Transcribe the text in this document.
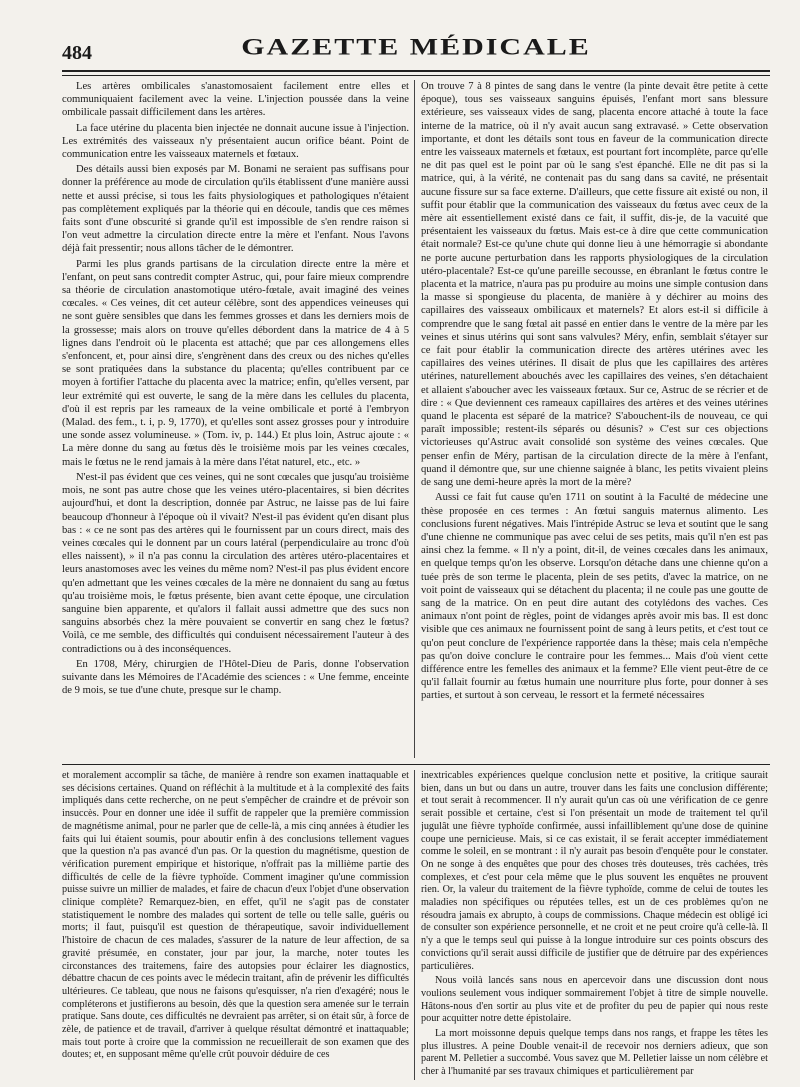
484	GAZETTE MÉDICALE

Les artères ombilicales s'anastomosaient facilement entre elles et communiquaient facilement avec la veine. L'injection poussée dans la veine ombilicale passait difficilement dans les artères.

La face utérine du placenta bien injectée ne donnait aucune issue à l'injection. Les extrémités des vaisseaux n'y présentaient aucun orifice béant. Point de communication entre les vaisseaux maternels et fœtaux.

Des détails aussi bien exposés par M. Bonami ne seraient pas suffisans pour donner la préférence au mode de circulation qu'ils établissent d'une manière aussi nette et aussi précise, si tous les faits physiologiques et pathologiques n'étaient pas complètement expliqués par la théorie qui en découle, tandis que ces mêmes faits sont d'une obscurité si grande qu'il est impossible de s'en rendre raison si l'on veut admettre la circulation directe entre la mère et l'enfant. Nous l'avons déjà fait pressentir; nous allons tâcher de le démontrer.

Parmi les plus grands partisans de la circulation directe entre la mère et l'enfant, on peut sans contredit compter Astruc, qui, pour faire mieux comprendre sa théorie de circulation anastomotique utéro-fœtale, avait imaginé des veines cœcales. « Ces veines, dit cet auteur célèbre, sont des appendices veineuses qui ne sont guère sensibles que dans les femmes grosses et dans les derniers mois de la grossesse; mais alors on trouve qu'elles débordent dans la matrice de 4 à 5 lignes dans l'endroit où le placenta est attaché; que par ces allongemens elles s'enfoncent, et, pour ainsi dire, s'engrènent dans des creux ou des niches qu'elles se sont pratiquées dans la substance du placenta; qu'elles contribuent par ce moyen à fortifier l'attache du placenta avec la matrice; enfin, qu'elles versent, par leur extrémité qui est ouverte, le sang de la mère dans les cellules du placenta, d'où il est repris par les rameaux de la veine ombilicale et porté à l'embryon (Malad. des fem., t. i, p. 9, 1770), et qu'elles sont assez grosses pour y introduire une sonde assez volumineuse. » (Tom. iv, p. 144.) Et plus loin, Astruc ajoute : « La mère donne du sang au fœtus dès le troisième mois par les veines cœcales, mais le fœtus ne le rend jamais à la mère dans l'état naturel, etc., etc. »

N'est-il pas évident que ces veines, qui ne sont cœcales que jusqu'au troisième mois, ne sont pas autre chose que les veines utéro-placentaires, si bien décrites aujourd'hui, et dont la description, donnée par Astruc, ne laisse pas de lui faire beaucoup d'honneur à l'époque où il vivait? N'est-il pas évident qu'en disant plus bas : « ce ne sont pas des artères qui le fournissent par un cours direct, mais des veines cœcales qui le donnent par un cours latéral (perpendiculaire au tronc d'où elles naissent), » il n'a pas connu la circulation des artères utéro-placentaires et leurs anastomoses avec les veines du même nom? N'est-il pas plus évident encore qu'en admettant que les veines cœcales de la mère ne donnaient du sang au fœtus qu'au troisième mois, le fœtus présente, bien avant cette époque, une circulation sanguine bien apparente, et qu'alors il fallait aussi admettre que des sucs non sanguins absorbés chez la mère pouvaient se convertir en sang chez le fœtus? Voilà, ce me semble, des difficultés qui conduisent nécessairement l'auteur à des contradictions ou à des inconséquences.

En 1708, Méry, chirurgien de l'Hôtel-Dieu de Paris, donne l'observation suivante dans les Mémoires de l'Académie des sciences : « Une femme, enceinte de 9 mois, se tue d'une chute, presque sur le champ.

On trouve 7 à 8 pintes de sang dans le ventre (la pinte devait être petite à cette époque), tous ses vaisseaux sanguins épuisés, l'enfant mort sans blessure extérieure, ses vaisseaux vides de sang, placenta encore attaché à toute la face interne de la matrice, où il n'y avait aucun sang extravasé. » Cette observation importante, et dont les détails sont tous en faveur de la communication directe entre les vaisseaux maternels et fœtaux, est pourtant fort incomplète, parce qu'elle ne dit pas quel est le point par où le sang s'est épanché. Elle ne dit pas si la matrice, qui, à la vérité, ne contenait pas du sang dans sa cavité, ne présentait aucune fissure sur sa face externe. D'ailleurs, que cette fissure ait existé ou non, il suffit pour établir que la communication des vaisseaux du fœtus avec ceux de la mère ait essentiellement existé dans ce fait, il suffit, dis-je, de la vacuité que présentaient les vaisseaux du fœtus. Mais est-ce à dire que cette communication était normale? Est-ce qu'une chute qui donne lieu à une hémorragie si abondante ne porte aucune perturbation dans les rapports physiologiques de la circulation utéro-placentale? Est-ce qu'une pareille secousse, en ébranlant le fœtus contre le placenta et la matrice, n'aura pas pu produire au moins une simple contusion dans la masse si spongieuse du placenta, de manière à y déchirer au moins des capillaires des vaisseaux ombilicaux et maternels? Et alors est-il si difficile à comprendre que le sang fœtal ait passé en entier dans le ventre de la mère par les veines et sinus utérins qui sont sans valvules? Méry, enfin, semblait s'étayer sur ce fait pour établir la communication directe des artères utérines avec les capillaires des veines utérines. Il disait de plus que les capillaires des artères utérines, naturellement abouchés avec les capillaires des veines, s'en détachaient et allaient s'aboucher avec les vaisseaux fœtaux. Sur ce, Astruc de se récrier et de dire : « Que deviennent ces rameaux capillaires des artères et des veines utérines quand le placenta est séparé de la matrice? S'abouchent-ils de nouveau, ce qui paraît impossible; restent-ils séparés ou désunis? » C'est sur ces objections victorieuses qu'Astruc avait consolidé son système des veines cœcales. Que penser enfin de Méry, partisan de la circulation directe de la mère à l'enfant, quand il démontre que, sur une chienne saignée à blanc, les petits vivaient pleins de sang une demi-heure après la mort de la mère?

Aussi ce fait fut cause qu'en 1711 on soutint à la Faculté de médecine une thèse proposée en ces termes : An fœtui sanguis maternus alimento. Les conclusions furent négatives. Mais l'intrépide Astruc se leva et soutint que le sang d'une chienne ne communique pas avec celui de ses petits, mais qu'il n'en est pas ainsi chez la femme. « Il n'y a point, dit-il, de veines cœcales dans les animaux, en quelque temps qu'on les observe. Lorsqu'on détache dans une chienne qu'on a tuée près de son terme le placenta, plein de ses petits, d'avec la matrice, on ne voit point de vaisseaux qui se détachent du placenta; il ne coule pas une goutte de sang de la matrice. On en peut dire autant des cotylédons des vaches. Ces animaux n'ont point de règles, point de vidanges après avoir mis bas. Il est donc visible que ces animaux ne fournissent point de sang à leurs petits, et c'est tout ce qu'on peut conclure de l'expérience rapportée dans la thèse; mais cela n'empêche pas qu'on doive conclure le contraire pour les femmes... Mais d'où vient cette différence entre les femelles des animaux et la femme? Elle vient peut-être de ce qu'il fallait fournir au fœtus humain une nourriture plus forte, pour donner à ses parties, et surtout à son cerveau, le ressort et la fermeté nécessaires

et moralement accomplir sa tâche, de manière à rendre son examen inattaquable et ses décisions certaines. Quand on réfléchit à la multitude et à la complexité des faits impliqués dans cette recherche, on ne peut s'empêcher de craindre et de prévoir son insuccès. Pour en donner une idée il suffit de rappeler que la première commission de magnétisme animal, pour ne parler que de celle-là, a mis cinq années à étudier les faits qui lui étaient soumis, pour aboutir enfin à des conclusions tellement vagues que la question n'a pas avancé d'un pas. Or la question du magnétisme, question de vérification purement empirique et historique, n'offrait pas la millième partie des difficultés de celle de la fièvre typhoïde. Comment imaginer qu'une commission puisse suivre un millier de malades, et faire de chacun d'eux l'objet d'une observation clinique complète? Remarquez-bien, en effet, qu'il ne s'agit pas de constater statistiquement le nombre des malades qui sortent de telle ou telle salle, guéris ou morts; il faut, puisqu'il est question de thérapeutique, savoir individuellement l'histoire de chacun de ces malades, s'assurer de la nature de leur affection, de sa gravité présumée, en constater, jour par jour, la marche, noter toutes les circonstances des traitemens, faire des autopsies pour éclairer les diagnostics, débattre chacun de ces points avec le médecin traitant, afin de prévenir les difficultés ultérieures. Ce tableau, que nous ne faisons qu'esquisser, n'a rien d'exagéré; nous le compléterons et justifierons au besoin, dès que la question sera amenée sur le terrain pratique. Sans doute, ces difficultés ne devraient pas arrêter, si on était sûr, à force de zèle, de patience et de travail, d'arriver à quelque résultat démontré et inattaquable; mais tout porte à croire que la commission ne recueillerait de son examen que des doutes; et, en supposant même qu'elle crût pouvoir déduire de ces

inextricables expériences quelque conclusion nette et positive, la critique saurait bien, dans un but ou dans un autre, trouver dans les faits une conclusion différente; et tout serait à recommencer. Il n'y aurait qu'un cas où une vérification de ce genre serait possible et certaine, c'est si l'on présentait un mode de traitement tel qu'il jugulât une fièvre typhoïde confirmée, aussi infailliblement qu'une dose de quinine coupe une pernicieuse. Mais, si ce cas existait, il se ferait accepter immédiatement comme le soleil, en se montrant : il n'y aurait pas besoin d'enquête pour le constater. On ne songe à des enquêtes que pour des choses très douteuses, très cachées, très complexes, et c'est pour cela même que le plus souvent les enquêtes ne prouvent rien. Or, la valeur du traitement de la fièvre typhoïde, comme de celui de toutes les maladies non spécifiques ou réputées telles, est un de ces problèmes qu'on ne résoudra jamais ex abrupto, à coups de commissions. Chaque médecin est obligé ici de consulter son expérience personnelle, et ne croit et ne peut croire qu'à celle-là. Il n'y a que le temps seul qui puisse à la longue introduire sur ces points obscurs des convictions qu'il serait aussi difficile de justifier que de détruire par des expériences particulières.

Nous voilà lancés sans nous en apercevoir dans une discussion dont nous voulions seulement vous indiquer sommairement l'objet à titre de simple nouvelle. Hâtons-nous d'en sortir au plus vite et de profiter du peu de papier qui nous reste pour acquitter notre dette épistolaire.

La mort moissonne depuis quelque temps dans nos rangs, et frappe les têtes les plus illustres. A peine Double venait-il de recevoir nos derniers adieux, que son parent M. Pelletier a succombé. Vous savez que M. Pelletier laisse un nom célèbre et cher à l'humanité par ses travaux chimiques et particulièrement par
